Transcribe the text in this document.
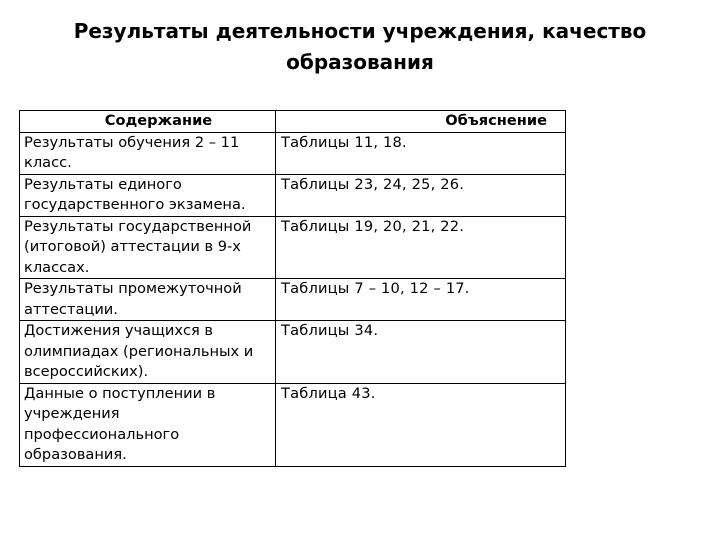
Результаты деятельности учреждения, качество образования
Содержание	Объяснение
Результаты обучения 2 – 11 класс.	Таблицы 11, 18.
Результаты единого государственного экзамена.	Таблицы 23, 24, 25, 26.
Результаты государственной (итоговой) аттестации в 9-х классах.	Таблицы 19, 20, 21, 22.
Результаты промежуточной аттестации.	Таблицы 7 – 10, 12 – 17.
Достижения учащихся в олимпиадах (региональных и всероссийских).	Таблицы 34.
Данные о поступлении в учреждения профессионального образования.	Таблица 43.
